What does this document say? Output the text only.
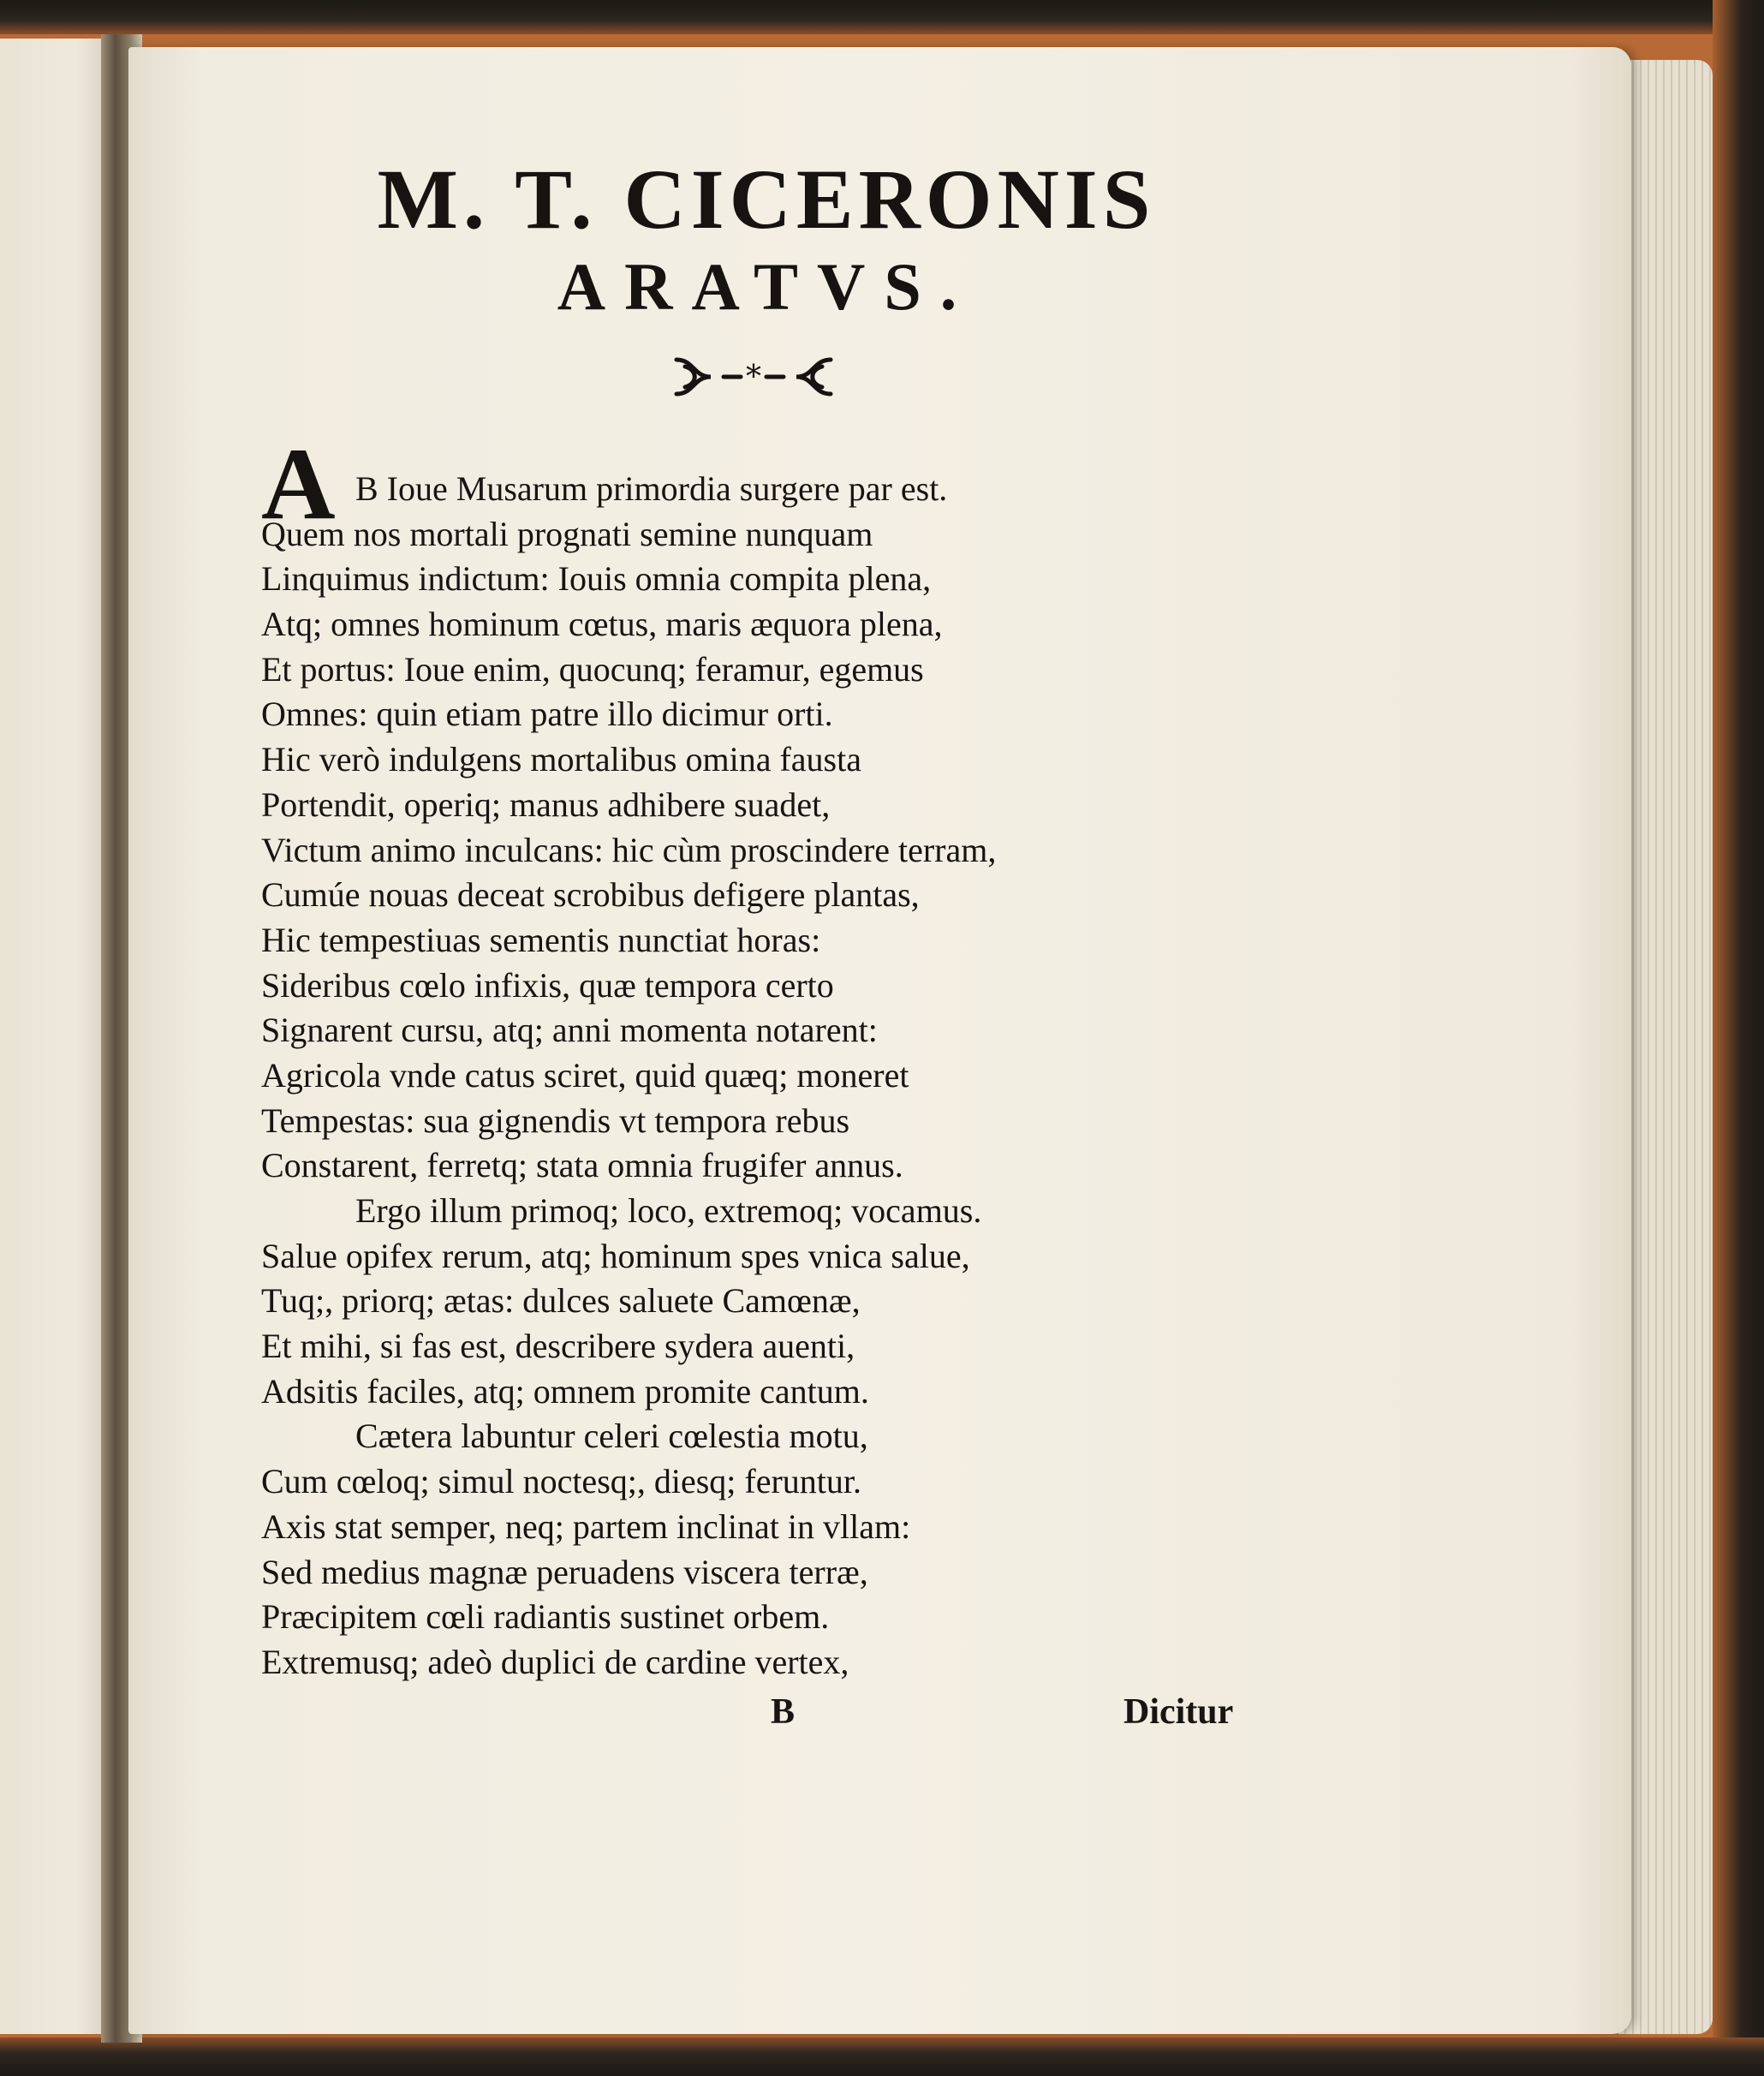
M. T. CICERONIS
ARATVS.
*
A B Ioue Musarum primordia surgere par est.
Quem nos mortali prognati semine nunquam
Linquimus indictum: Iouis omnia compita plena,
Atq; omnes hominum cœtus, maris æquora plena,
Et portus: Ioue enim, quocunq; feramur, egemus
Omnes: quin etiam patre illo dicimur orti.
Hic verò indulgens mortalibus omina fausta
Portendit, operiq; manus adhibere suadet,
Victum animo inculcans: hic cùm proscindere terram,
Cumúe nouas deceat scrobibus defigere plantas,
Hic tempestiuas sementis nunctiat horas:
Sideribus cœlo infixis, quæ tempora certo
Signarent cursu, atq; anni momenta notarent:
Agricola vnde catus sciret, quid quæq; moneret
Tempestas: sua gignendis vt tempora rebus
Constarent, ferretq; stata omnia frugifer annus.
Ergo illum primoq; loco, extremoq; vocamus.
Salue opifex rerum, atq; hominum spes vnica salue,
Tuq;, priorq; ætas: dulces saluete Camœnæ,
Et mihi, si fas est, describere sydera auenti,
Adsitis faciles, atq; omnem promite cantum.
Cætera labuntur celeri cœlestia motu,
Cum cœloq; simul noctesq;, diesq; feruntur.
Axis stat semper, neq; partem inclinat in vllam:
Sed medius magnæ peruadens viscera terræ,
Præcipitem cœli radiantis sustinet orbem.
Extremusq; adeò duplici de cardine vertex,
B	Dicitur
